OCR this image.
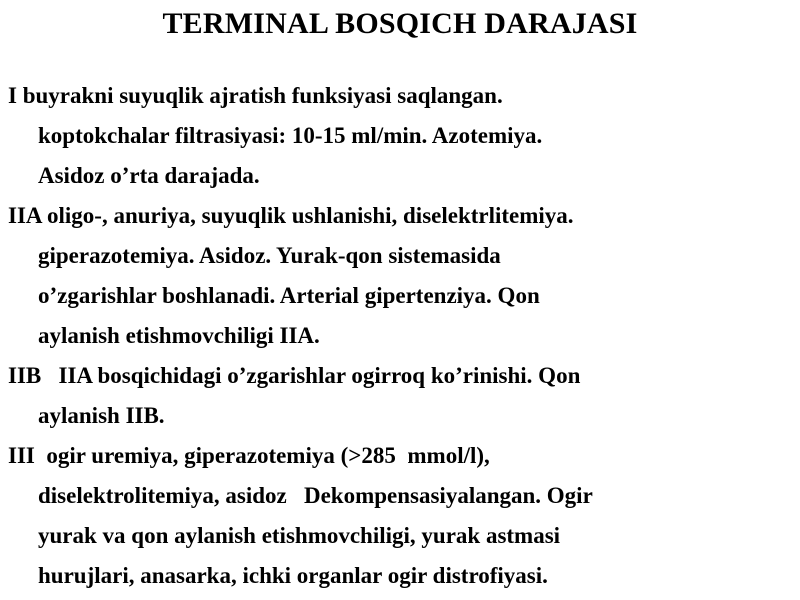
TERMINAL BOSQICH DARAJASI
I buyrakni suyuqlik ajratish funksiyasi saqlangan.
koptokchalar filtrasiyasi: 10-15 ml/min. Azotemiya.
Asidoz o’rta darajada.
IIA oligo-, anuriya, suyuqlik ushlanishi, diselektrlitemiya.
giperazotemiya. Asidoz. Yurak-qon sistemasida
o’zgarishlar boshlanadi. Arterial gipertenziya. Qon
aylanish etishmovchiligi IIA.
IIB   IIA bosqichidagi o’zgarishlar ogirroq ko’rinishi. Qon
aylanish IIB.
III  ogir uremiya, giperazotemiya (>285  mmol/l),
diselektrolitemiya, asidoz   Dekompensasiyalangan. Ogir
yurak va qon aylanish etishmovchiligi, yurak astmasi
hurujlari, anasarka, ichki organlar ogir distrofiyasi.
